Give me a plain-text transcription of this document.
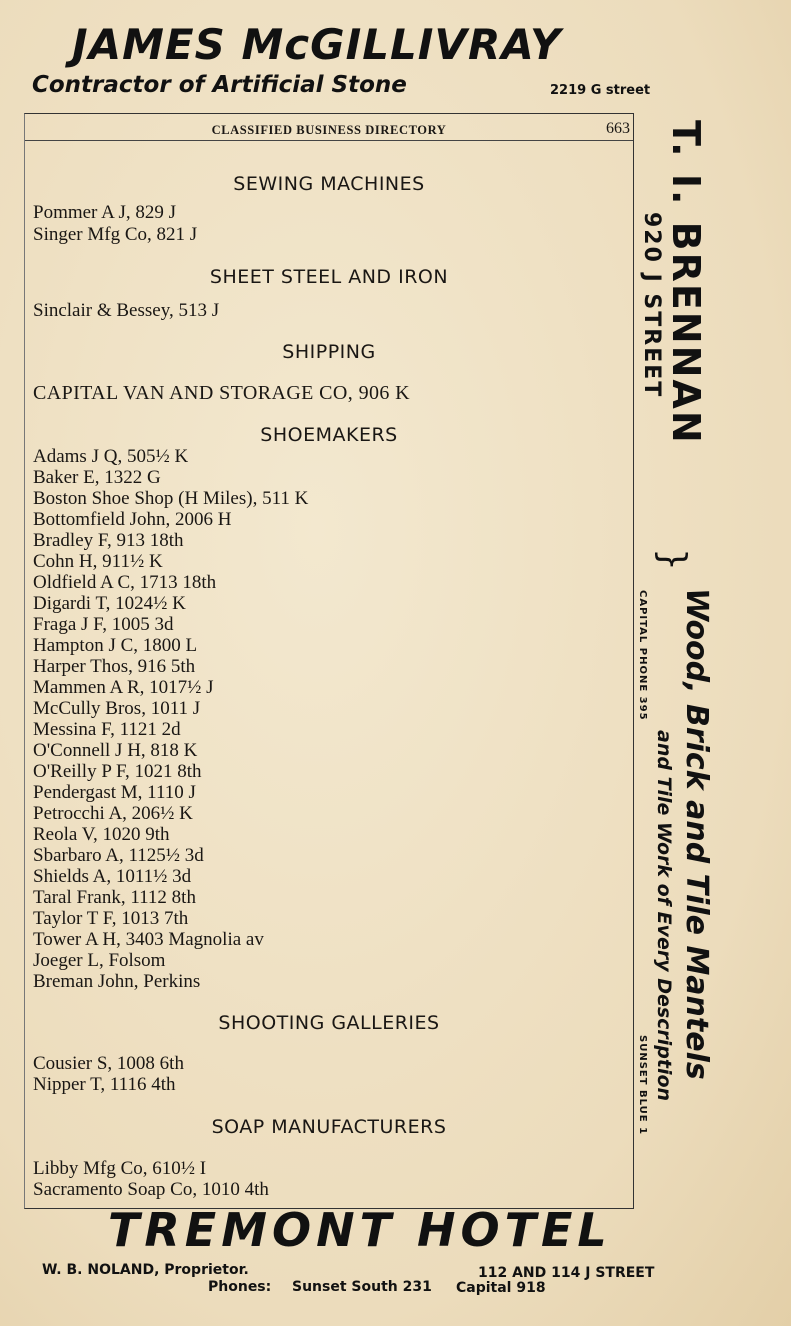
JAMES McGILLIVRAY
Contractor of Artificial Stone	2219 G street
CLASSIFIED BUSINESS DIRECTORY	663
SEWING MACHINES
Pommer A J, 829 J
Singer Mfg Co, 821 J
SHEET STEEL AND IRON
Sinclair & Bessey, 513 J
SHIPPING
CAPITAL VAN AND STORAGE CO, 906 K
SHOEMAKERS
Adams J Q, 505½ K
Baker E, 1322 G
Boston Shoe Shop (H Miles), 511 K
Bottomfield John, 2006 H
Bradley F, 913 18th
Cohn H, 911½ K
Oldfield A C, 1713 18th
Digardi T, 1024½ K
Fraga J F, 1005 3d
Hampton J C, 1800 L
Harper Thos, 916 5th
Mammen A R, 1017½ J
McCully Bros, 1011 J
Messina F, 1121 2d
O'Connell J H, 818 K
O'Reilly P F, 1021 8th
Pendergast M, 1110 J
Petrocchi A, 206½ K
Reola V, 1020 9th
Sbarbaro A, 1125½ 3d
Shields A, 1011½ 3d
Taral Frank, 1112 8th
Taylor T F, 1013 7th
Tower A H, 3403 Magnolia av
Joeger L, Folsom
Breman John, Perkins
SHOOTING GALLERIES
Cousier S, 1008 6th
Nipper T, 1116 4th
SOAP MANUFACTURERS
Libby Mfg Co, 610½ I
Sacramento Soap Co, 1010 4th
T. I. BRENNAN
920 J STREET
}
Wood, Brick and Tile Mantels
and Tile Work of Every Description
CAPITAL PHONE 395
SUNSET BLUE 1
TREMONT HOTEL
W. B. NOLAND, Proprietor.
Phones: Sunset South 231
112 AND 114 J STREET
Capital 918
